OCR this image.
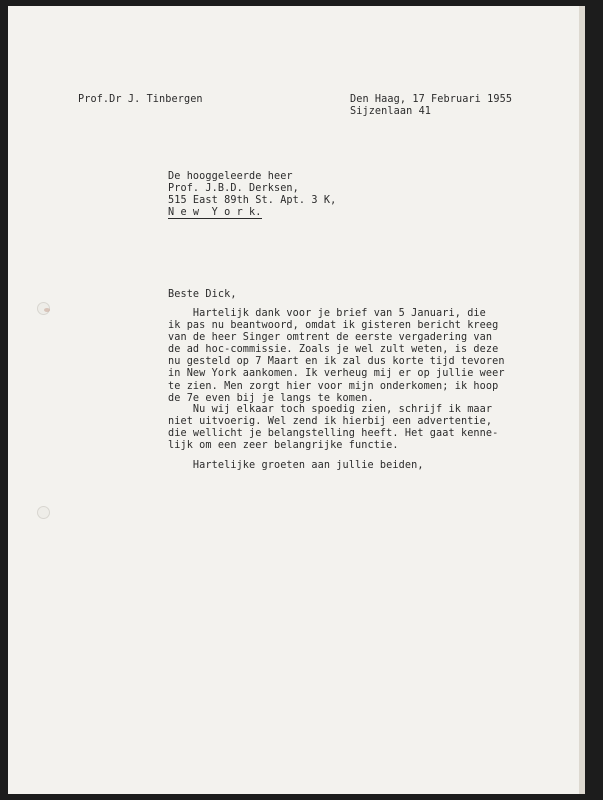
Prof.Dr J. Tinbergen	Den Haag, 17 Februari 1955
Sijzenlaan 41
De hooggeleerde heer
Prof. J.B.D. Derksen,
515 East 89th St. Apt. 3 K,
N e w  Y o r k.
Beste Dick,
Hartelijk dank voor je brief van 5 Januari, die
ik pas nu beantwoord, omdat ik gisteren bericht kreeg
van de heer Singer omtrent de eerste vergadering van
de ad hoc-commissie. Zoals je wel zult weten, is deze
nu gesteld op 7 Maart en ik zal dus korte tijd tevoren
in New York aankomen. Ik verheug mij er op jullie weer
te zien. Men zorgt hier voor mijn onderkomen; ik hoop
de 7e even bij je langs te komen.
Nu wij elkaar toch spoedig zien, schrijf ik maar
niet uitvoerig. Wel zend ik hierbij een advertentie,
die wellicht je belangstelling heeft. Het gaat kenne-
lijk om een zeer belangrijke functie.
Hartelijke groeten aan jullie beiden,
